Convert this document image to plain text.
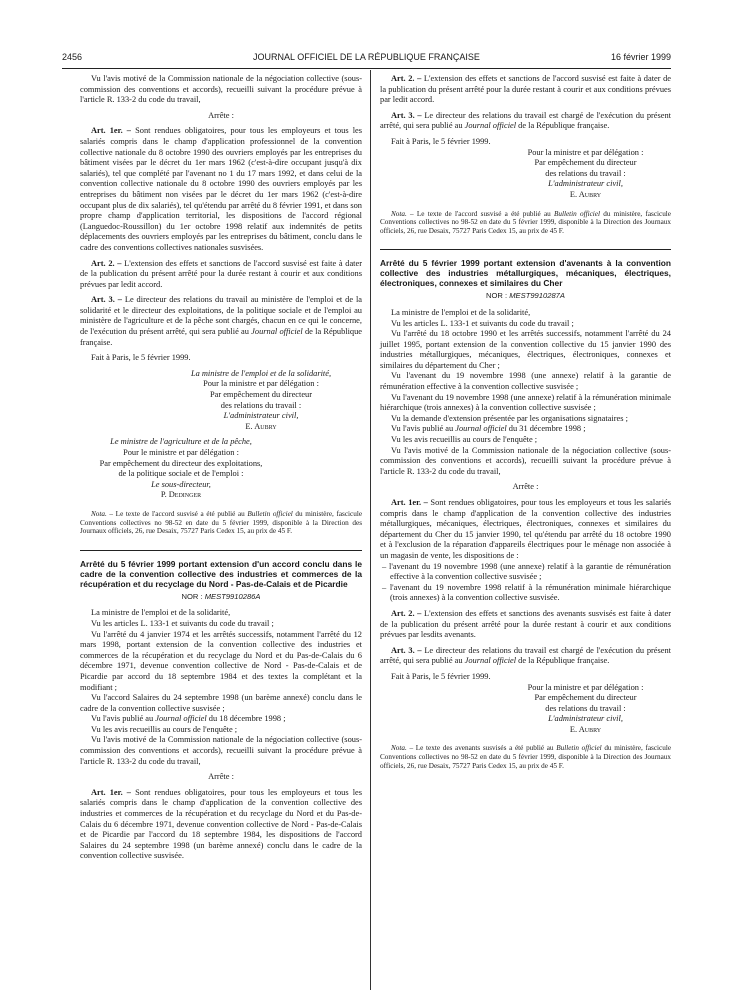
2456	JOURNAL OFFICIEL DE LA RÉPUBLIQUE FRANÇAISE	16 février 1999

Vu l'avis motivé de la Commission nationale de la négociation collective (sous-commission des conventions et accords), recueilli suivant la procédure prévue à l'article R. 133-2 du code du travail,

Arrête :

Art. 1er. – Sont rendues obligatoires, pour tous les employeurs et tous les salariés compris dans le champ d'application professionnel de la convention collective nationale du 8 octobre 1990 des ouvriers employés par les entreprises du bâtiment visées par le décret du 1er mars 1962 (c'est-à-dire occupant jusqu'à dix salariés), tel que complété par l'avenant no 1 du 17 mars 1992, et dans celui de la convention collective nationale du 8 octobre 1990 des ouvriers employés par les entreprises du bâtiment non visées par le décret du 1er mars 1962 (c'est-à-dire occupant plus de dix salariés), tel qu'étendu par arrêté du 8 février 1991, et dans son propre champ d'application territorial, les dispositions de l'accord régional (Languedoc-Roussillon) du 1er octobre 1998 relatif aux indemnités de petits déplacements des ouvriers employés par les entreprises du bâtiment, conclu dans le cadre des conventions collectives nationales susvisées.

Art. 2. – L'extension des effets et sanctions de l'accord susvisé est faite à dater de la publication du présent arrêté pour la durée restant à courir et aux conditions prévues par ledit accord.

Art. 3. – Le directeur des relations du travail au ministère de l'emploi et de la solidarité et le directeur des exploitations, de la politique sociale et de l'emploi au ministère de l'agriculture et de la pêche sont chargés, chacun en ce qui le concerne, de l'exécution du présent arrêté, qui sera publié au Journal officiel de la République française.

Fait à Paris, le 5 février 1999.

La ministre de l'emploi et de la solidarité,
Pour la ministre et par délégation :
Par empêchement du directeur
des relations du travail :
L'administrateur civil,
E. Aubry
Le ministre de l'agriculture et de la pêche,
Pour le ministre et par délégation :
Par empêchement du directeur des exploitations,
de la politique sociale et de l'emploi :
Le sous-directeur,
P. Dedinger

Nota. – Le texte de l'accord susvisé a été publié au Bulletin officiel du ministère, fascicule Conventions collectives no 98-52 en date du 5 février 1999, disponible à la Direction des Journaux officiels, 26, rue Desaix, 75727 Paris Cedex 15, au prix de 45 F.

Arrêté du 5 février 1999 portant extension d'un accord conclu dans le cadre de la convention collective des industries et commerces de la récupération et du recyclage du Nord - Pas-de-Calais et de Picardie

NOR : MESТ9910286A

La ministre de l'emploi et de la solidarité,

Vu les articles L. 133-1 et suivants du code du travail ;

Vu l'arrêté du 4 janvier 1974 et les arrêtés successifs, notamment l'arrêté du 12 mars 1998, portant extension de la convention collective des industries et commerces de la récupération et du recyclage du Nord et du Pas-de-Calais du 6 décembre 1971, devenue convention collective de Nord - Pas-de-Calais et de Picardie par accord du 18 septembre 1984 et des textes la complétant et la modifiant ;

Vu l'accord Salaires du 24 septembre 1998 (un barème annexé) conclu dans le cadre de la convention collective susvisée ;

Vu l'avis publié au Journal officiel du 18 décembre 1998 ;

Vu les avis recueillis au cours de l'enquête ;

Vu l'avis motivé de la Commission nationale de la négociation collective (sous-commission des conventions et accords), recueilli suivant la procédure prévue à l'article R. 133-2 du code du travail,

Arrête :

Art. 1er. – Sont rendues obligatoires, pour tous les employeurs et tous les salariés compris dans le champ d'application de la convention collective des industries et commerces de la récupération et du recyclage du Nord et du Pas-de-Calais du 6 décembre 1971, devenue convention collective de Nord - Pas-de-Calais et de Picardie par l'accord du 18 septembre 1984, les dispositions de l'accord Salaires du 24 septembre 1998 (un barème annexé) conclu dans le cadre de la convention collective susvisée.

Art. 2. – L'extension des effets et sanctions de l'accord susvisé est faite à dater de la publication du présent arrêté pour la durée restant à courir et aux conditions prévues par ledit accord.

Art. 3. – Le directeur des relations du travail est chargé de l'exécution du présent arrêté, qui sera publié au Journal officiel de la République française.

Fait à Paris, le 5 février 1999.

Pour la ministre et par délégation :
Par empêchement du directeur
des relations du travail :
L'administrateur civil,
E. Aubry

Nota. – Le texte de l'accord susvisé a été publié au Bulletin officiel du ministère, fascicule Conventions collectives no 98-52 en date du 5 février 1999, disponible à la Direction des Journaux officiels, 26, rue Desaix, 75727 Paris Cedex 15, au prix de 45 F.

Arrêté du 5 février 1999 portant extension d'avenants à la convention collective des industries métallurgiques, mécaniques, électriques, électroniques, connexes et similaires du Cher

NOR : MEST9910287A

La ministre de l'emploi et de la solidarité,

Vu les articles L. 133-1 et suivants du code du travail ;

Vu l'arrêté du 18 octobre 1990 et les arrêtés successifs, notamment l'arrêté du 24 juillet 1995, portant extension de la convention collective du 15 janvier 1990 des industries métallurgiques, mécaniques, électriques, électroniques, connexes et similaires du département du Cher ;

Vu l'avenant du 19 novembre 1998 (une annexe) relatif à la garantie de rémunération effective à la convention collective susvisée ;

Vu l'avenant du 19 novembre 1998 (une annexe) relatif à la rémunération minimale hiérarchique (trois annexes) à la convention collective susvisée ;

Vu la demande d'extension présentée par les organisations signataires ;

Vu l'avis publié au Journal officiel du 31 décembre 1998 ;

Vu les avis recueillis au cours de l'enquête ;

Vu l'avis motivé de la Commission nationale de la négociation collective (sous-commission des conventions et accords), recueilli suivant la procédure prévue à l'article R. 133-2 du code du travail,

Arrête :

Art. 1er. – Sont rendues obligatoires, pour tous les employeurs et tous les salariés compris dans le champ d'application de la convention collective des industries métallurgiques, mécaniques, électriques, électroniques, connexes et similaires du département du Cher du 15 janvier 1990, tel qu'étendu par arrêté du 18 octobre 1990 et à l'exclusion de la réparation d'appareils électriques pour le ménage non associée à un magasin de vente, les dispositions de :

– l'avenant du 19 novembre 1998 (une annexe) relatif à la garantie de rémunération effective à la convention collective susvisée ;

– l'avenant du 19 novembre 1998 relatif à la rémunération minimale hiérarchique (trois annexes) à la convention collective susvisée.

Art. 2. – L'extension des effets et sanctions des avenants susvisés est faite à dater de la publication du présent arrêté pour la durée restant à courir et aux conditions prévues par lesdits avenants.

Art. 3. – Le directeur des relations du travail est chargé de l'exécution du présent arrêté, qui sera publié au Journal officiel de la République française.

Fait à Paris, le 5 février 1999.

Pour la ministre et par délégation :
Par empêchement du directeur
des relations du travail :
L'administrateur civil,
E. Aubry

Nota. – Le texte des avenants susvisés a été publié au Bulletin officiel du ministère, fascicule Conventions collectives no 98-52 en date du 5 février 1999, disponible à la Direction des Journaux officiels, 26, rue Desaix, 75727 Paris Cedex 15, au prix de 45 F.
